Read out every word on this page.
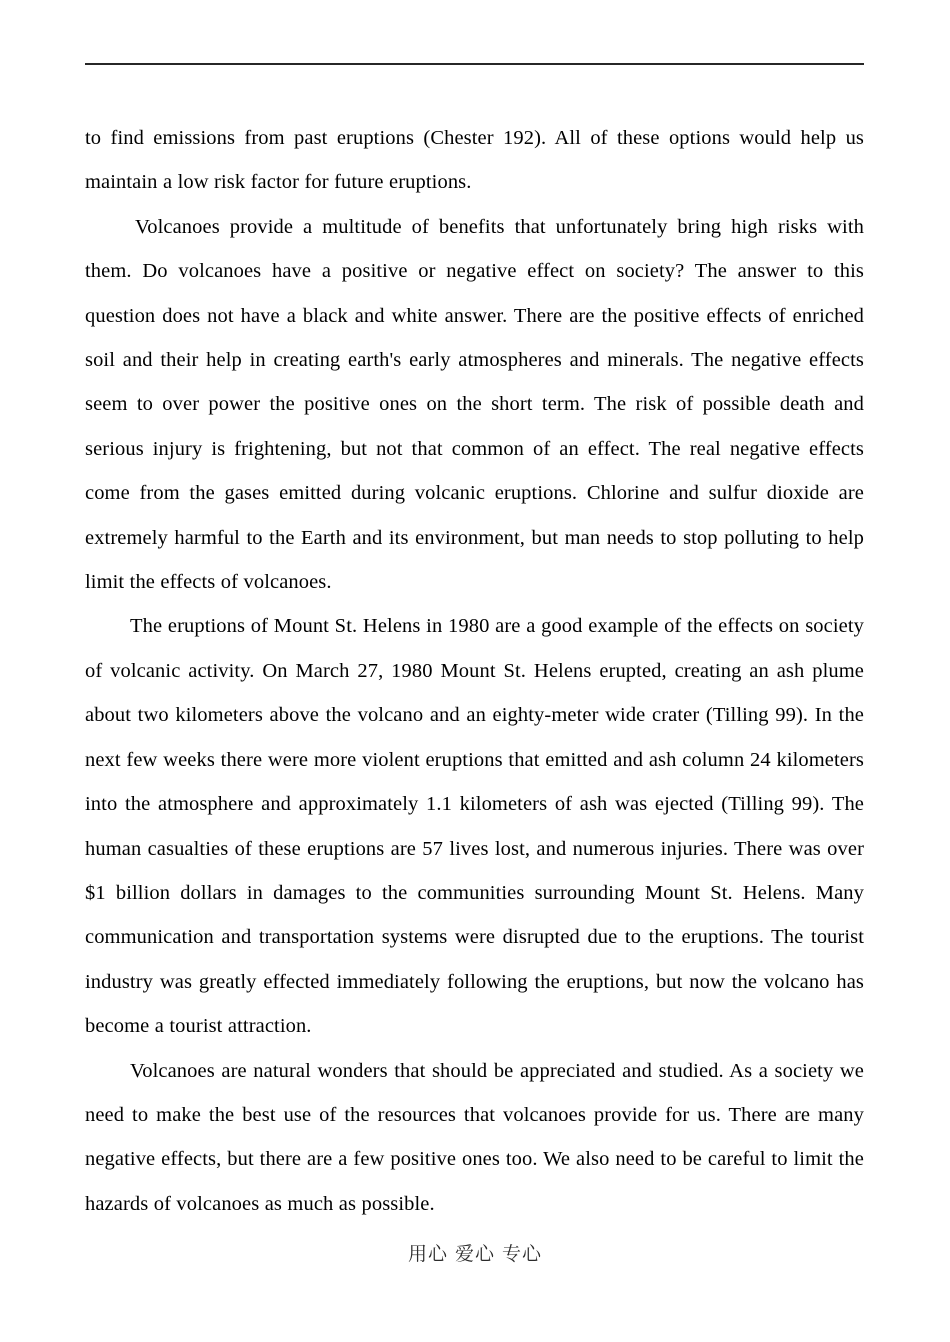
to find emissions from past eruptions (Chester 192). All of these options would help us maintain a low risk factor for future eruptions.

Volcanoes provide a multitude of benefits that unfortunately bring high risks with them. Do volcanoes have a positive or negative effect on society? The answer to this question does not have a black and white answer. There are the positive effects of enriched soil and their help in creating earth's early atmospheres and minerals. The negative effects seem to over power the positive ones on the short term. The risk of possible death and serious injury is frightening, but not that common of an effect. The real negative effects come from the gases emitted during volcanic eruptions. Chlorine and sulfur dioxide are extremely harmful to the Earth and its environment, but man needs to stop polluting to help limit the effects of volcanoes.

The eruptions of Mount St. Helens in 1980 are a good example of the effects on society of volcanic activity. On March 27, 1980 Mount St. Helens erupted, creating an ash plume about two kilometers above the volcano and an eighty-meter wide crater (Tilling 99). In the next few weeks there were more violent eruptions that emitted and ash column 24 kilometers into the atmosphere and approximately 1.1 kilometers of ash was ejected (Tilling 99). The human casualties of these eruptions are 57 lives lost, and numerous injuries. There was over $1 billion dollars in damages to the communities surrounding Mount St. Helens. Many communication and transportation systems were disrupted due to the eruptions. The tourist industry was greatly effected immediately following the eruptions, but now the volcano has become a tourist attraction.

Volcanoes are natural wonders that should be appreciated and studied. As a society we need to make the best use of the resources that volcanoes provide for us. There are many negative effects, but there are a few positive ones too. We also need to be careful to limit the hazards of volcanoes as much as possible.

用心 爱心 专心
